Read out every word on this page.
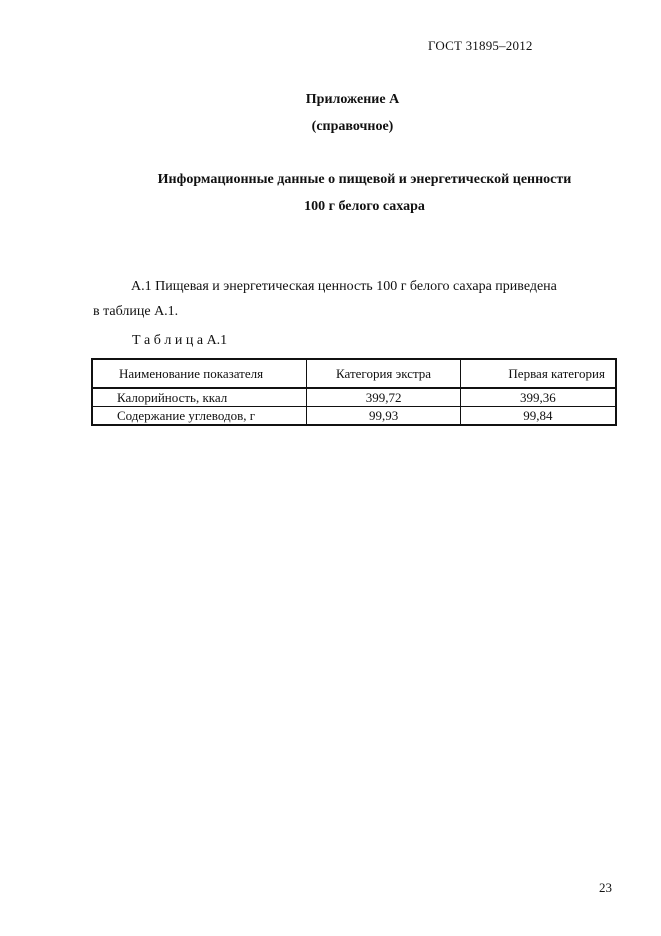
ГОСТ 31895–2012
Приложение А
(справочное)
Информационные данные о пищевой и энергетической ценности
100 г белого сахара
А.1 Пищевая и энергетическая ценность 100 г белого сахара приведена
в таблице А.1.
Т а б л и ц а А.1
Наименование показателя	Категория экстра	Первая категория
Калорийность, ккал	399,72	399,36
Содержание углеводов, г	99,93	99,84
23
